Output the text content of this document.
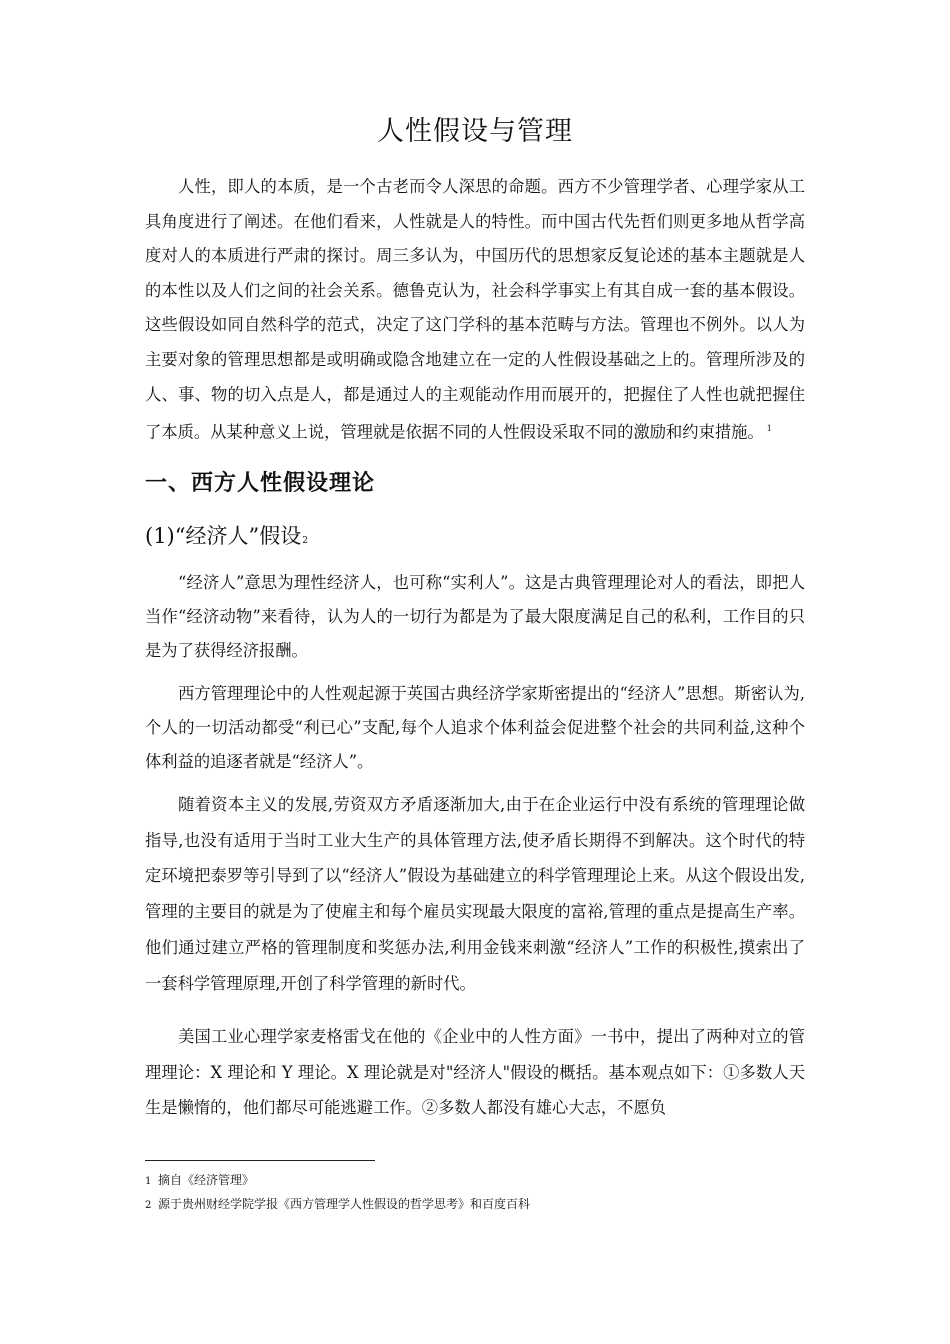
人性假设与管理

人性，即人的本质，是一个古老而令人深思的命题。西方不少管理学者、心理学家从工具角度进行了阐述。在他们看来，人性就是人的特性。而中国古代先哲们则更多地从哲学高度对人的本质进行严肃的探讨。周三多认为，中国历代的思想家反复论述的基本主题就是人的本性以及人们之间的社会关系。德鲁克认为，社会科学事实上有其自成一套的基本假设。这些假设如同自然科学的范式，决定了这门学科的基本范畴与方法。管理也不例外。以人为主要对象的管理思想都是或明确或隐含地建立在一定的人性假设基础之上的。管理所涉及的人、事、物的切入点是人，都是通过人的主观能动作用而展开的，把握住了人性也就把握住了本质。从某种意义上说，管理就是依据不同的人性假设采取不同的激励和约束措施。 $^1$

一、西方人性假设理论
(1)“经济人”假设2

“经济人”意思为理性经济人，也可称“实利人”。这是古典管理理论对人的看法，即把人当作“经济动物”来看待，认为人的一切行为都是为了最大限度满足自己的私利，工作目的只是为了获得经济报酬。

西方管理理论中的人性观起源于英国古典经济学家斯密提出的“经济人”思想。斯密认为,个人的一切活动都受“利已心”支配,每个人追求个体利益会促进整个社会的共同利益,这种个体利益的追逐者就是“经济人”。

随着资本主义的发展,劳资双方矛盾逐渐加大,由于在企业运行中没有系统的管理理论做指导,也没有适用于当时工业大生产的具体管理方法,使矛盾长期得不到解决。这个时代的特定环境把泰罗等引导到了以“经济人”假设为基础建立的科学管理理论上来。从这个假设出发,管理的主要目的就是为了使雇主和每个雇员实现最大限度的富裕,管理的重点是提高生产率。他们通过建立严格的管理制度和奖惩办法,利用金钱来刺激“经济人”工作的积极性,摸索出了一套科学管理原理,开创了科学管理的新时代。

美国工业心理学家麦格雷戈在他的《企业中的人性方面》一书中，提出了两种对立的管理理论：X 理论和 Y 理论。X 理论就是对"经济人"假设的概括。基本观点如下：①多数人天生是懒惰的，他们都尽可能逃避工作。②多数人都没有雄心大志，不愿负

1 摘自《经济管理》

2 源于贵州财经学院学报《西方管理学人性假设的哲学思考》和百度百科
